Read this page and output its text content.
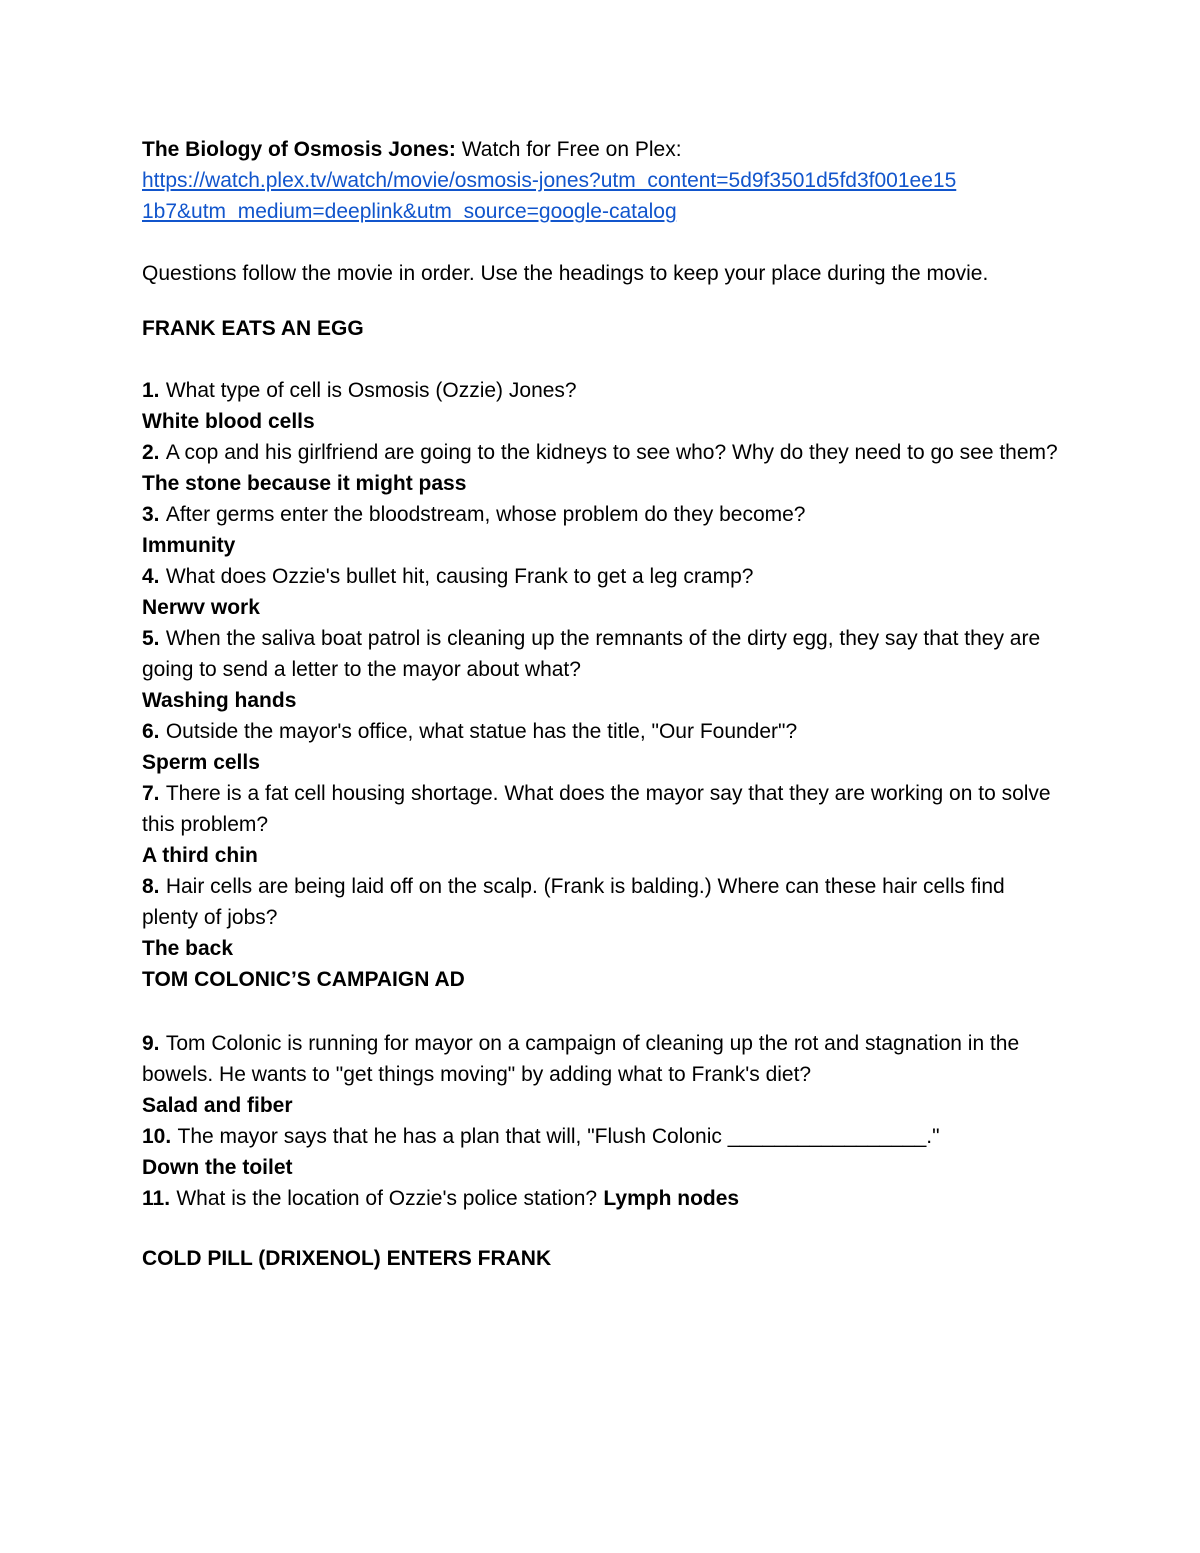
The Biology of Osmosis Jones: Watch for Free on Plex:

https://watch.plex.tv/watch/movie/osmosis-jones?utm_content=5d9f3501d5fd3f001ee15
1b7&utm_medium=deeplink&utm_source=google-catalog

Questions follow the movie in order. Use the headings to keep your place during the movie.

FRANK EATS AN EGG

1. What type of cell is Osmosis (Ozzie) Jones?

White blood cells

2. A cop and his girlfriend are going to the kidneys to see who? Why do they need to go see them?

The stone because it might pass

3. After germs enter the bloodstream, whose problem do they become?

Immunity

4. What does Ozzie's bullet hit, causing Frank to get a leg cramp?

Nerwv work

5. When the saliva boat patrol is cleaning up the remnants of the dirty egg, they say that they are going to send a letter to the mayor about what?

Washing hands

6. Outside the mayor's office, what statue has the title, "Our Founder"?

Sperm cells

7. There is a fat cell housing shortage. What does the mayor say that they are working on to solve this problem?

A third chin

8. Hair cells are being laid off on the scalp. (Frank is balding.) Where can these hair cells find plenty of jobs?

The back

TOM COLONIC’S CAMPAIGN AD

9. Tom Colonic is running for mayor on a campaign of cleaning up the rot and stagnation in the bowels. He wants to "get things moving" by adding what to Frank's diet?

Salad and fiber

10. The mayor says that he has a plan that will, "Flush Colonic _________________."

Down the toilet

11. What is the location of Ozzie's police station? Lymph nodes

COLD PILL (DRIXENOL) ENTERS FRANK
